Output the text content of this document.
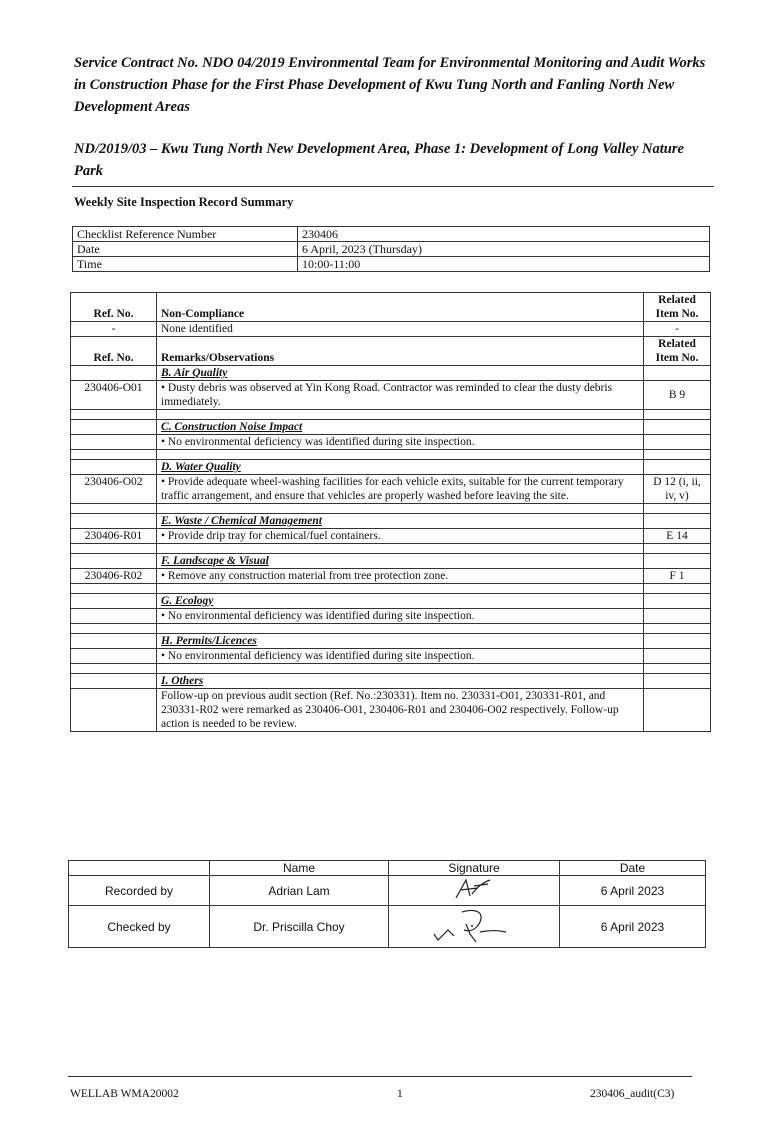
Service Contract No. NDO 04/2019 Environmental Team for Environmental Monitoring and Audit Works in Construction Phase for the First Phase Development of Kwu Tung North and Fanling North New Development Areas
ND/2019/03 – Kwu Tung North New Development Area, Phase 1: Development of Long Valley Nature Park
Weekly Site Inspection Record Summary
Checklist Reference Number	230406
Date	6 April, 2023 (Thursday)
Time	10:00-11:00
Ref. No.	Non-Compliance	Related Item No.
-	None identified	-
Ref. No.	Remarks/Observations	Related Item No.
	B. Air Quality	
230406-O01	• Dusty debris was observed at Yin Kong Road. Contractor was reminded to clear the dusty debris immediately.	B 9

	C. Construction Noise Impact	
	• No environmental deficiency was identified during site inspection.	

	D. Water Quality	
230406-O02	• Provide adequate wheel-washing facilities for each vehicle exits, suitable for the current temporary traffic arrangement, and ensure that vehicles are properly washed before leaving the site.	D 12 (i, ii, iv, v)

	E. Waste / Chemical Management	
230406-R01	• Provide drip tray for chemical/fuel containers.	E 14

	F. Landscape & Visual	
230406-R02	• Remove any construction material from tree protection zone.	F 1

	G. Ecology	
	• No environmental deficiency was identified during site inspection.	

	H. Permits/Licences	
	• No environmental deficiency was identified during site inspection.	

	I. Others	
	Follow-up on previous audit section (Ref. No.:230331). Item no. 230331-O01, 230331-R01, and 230331-R02 were remarked as 230406-O01, 230406-R01 and 230406-O02 respectively. Follow-up action is needed to be review.	
	Name	Signature	Date
Recorded by	Adrian Lam		6 April 2023
Checked by	Dr. Priscilla Choy		6 April 2023
WELLAB WMA20002	1	230406_audit(C3)
